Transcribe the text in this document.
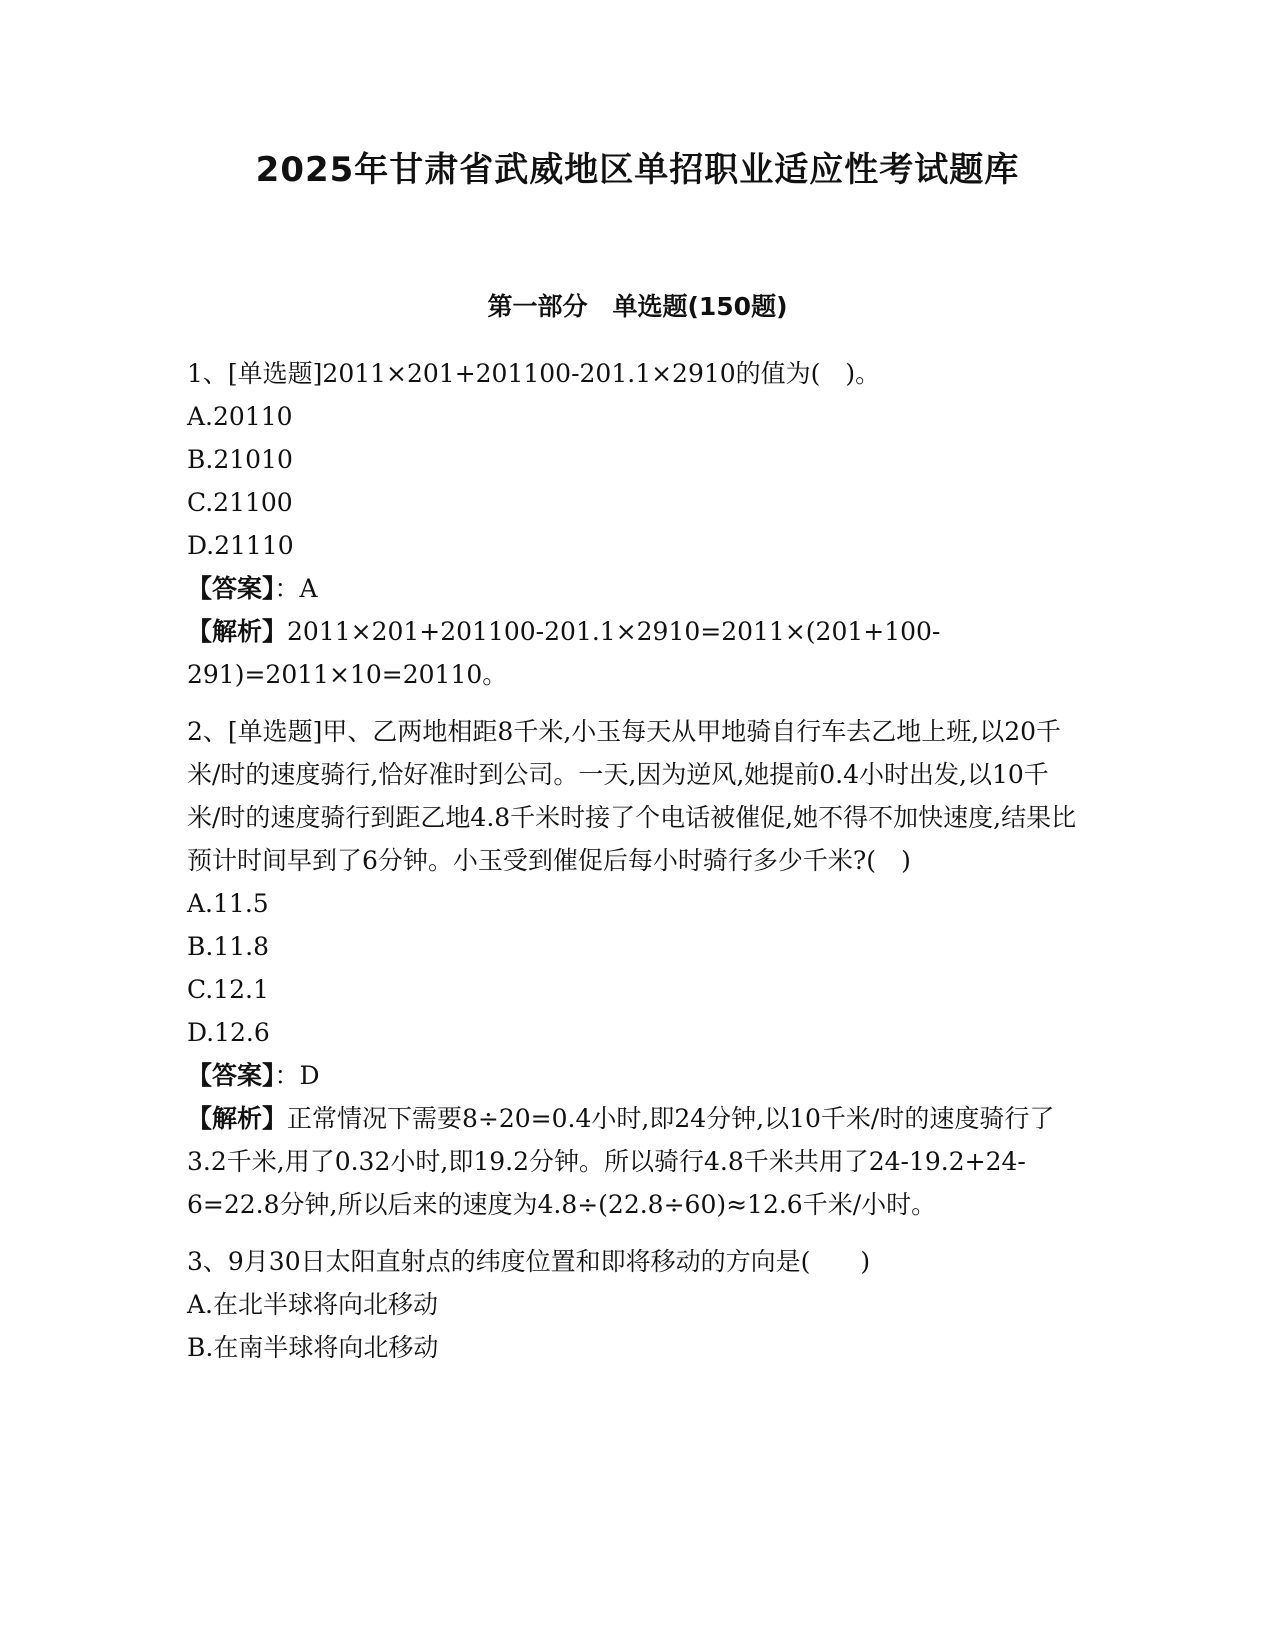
2025年甘肃省武威地区单招职业适应性考试题库
第一部分　单选题(150题)
1、[单选题]2011×201+201100-201.1×2910的值为(　)。
A.20110
B.21010
C.21100
D.21110
【答案】：A
【解析】2011×201+201100-201.1×2910=2011×(201+100-291)=2011×10=20110。
2、[单选题]甲、乙两地相距8千米,小玉每天从甲地骑自行车去乙地上班,以20千米/时的速度骑行,恰好准时到公司。一天,因为逆风,她提前0.4小时出发,以10千米/时的速度骑行到距乙地4.8千米时接了个电话被催促,她不得不加快速度,结果比预计时间早到了6分钟。小玉受到催促后每小时骑行多少千米?(　)
A.11.5
B.11.8
C.12.1
D.12.6
【答案】：D
【解析】正常情况下需要8÷20=0.4小时,即24分钟,以10千米/时的速度骑行了3.2千米,用了0.32小时,即19.2分钟。所以骑行4.8千米共用了24-19.2+24-6=22.8分钟,所以后来的速度为4.8÷(22.8÷60)≈12.6千米/小时。
3、9月30日太阳直射点的纬度位置和即将移动的方向是(　　)
A.在北半球将向北移动
B.在南半球将向北移动
